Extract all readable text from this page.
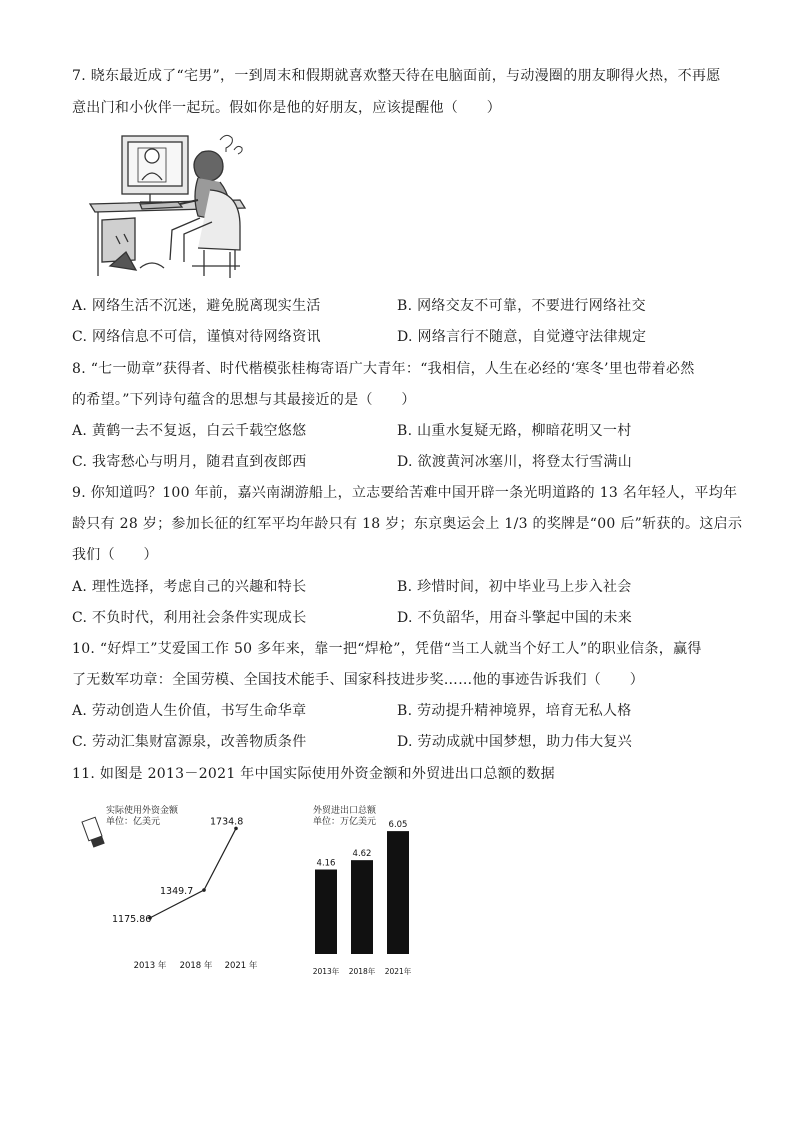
7. 晓东最近成了“宅男”，一到周末和假期就喜欢整天待在电脑面前，与动漫圈的朋友聊得火热，不再愿
意出门和小伙伴一起玩。假如你是他的好朋友，应该提醒他（　　）
A. 网络生活不沉迷，避免脱离现实生活	B. 网络交友不可靠，不要进行网络社交
C. 网络信息不可信，谨慎对待网络资讯	D. 网络言行不随意，自觉遵守法律规定
8. “七一勋章”获得者、时代楷模张桂梅寄语广大青年：“我相信，人生在必经的‘寒冬’里也带着必然
的希望。”下列诗句蕴含的思想与其最接近的是（　　）
A. 黄鹤一去不复返，白云千载空悠悠	B. 山重水复疑无路，柳暗花明又一村
C. 我寄愁心与明月，随君直到夜郎西	D. 欲渡黄河冰塞川，将登太行雪满山
9. 你知道吗？100 年前，嘉兴南湖游船上，立志要给苦难中国开辟一条光明道路的 13 名年轻人，平均年
龄只有 28 岁；参加长征的红军平均年龄只有 18 岁；东京奥运会上 1/3 的奖牌是“00 后”斩获的。这启示
我们（　　）
A. 理性选择，考虑自己的兴趣和特长	B. 珍惜时间，初中毕业马上步入社会
C. 不负时代，利用社会条件实现成长	D. 不负韶华，用奋斗擎起中国的未来
10. “好焊工”艾爱国工作 50 多年来，靠一把“焊枪”，凭借“当工人就当个好工人”的职业信条，赢得
了无数军功章：全国劳模、全国技术能手、国家科技进步奖……他的事迹告诉我们（　　）
A. 劳动创造人生价值，书写生命华章	B. 劳动提升精神境界，培育无私人格
C. 劳动汇集财富源泉，改善物质条件	D. 劳动成就中国梦想，助力伟大复兴
11. 如图是 2013－2021 年中国实际使用外资金额和外贸进出口总额的数据
实际使用外资金额
单位：亿美元
1175.86
1349.7
1734.8
2013 年 2018 年 2021 年
外贸进出口总额
单位：万亿美元
4.16
4.62
6.05
2013年 2018年 2021年
